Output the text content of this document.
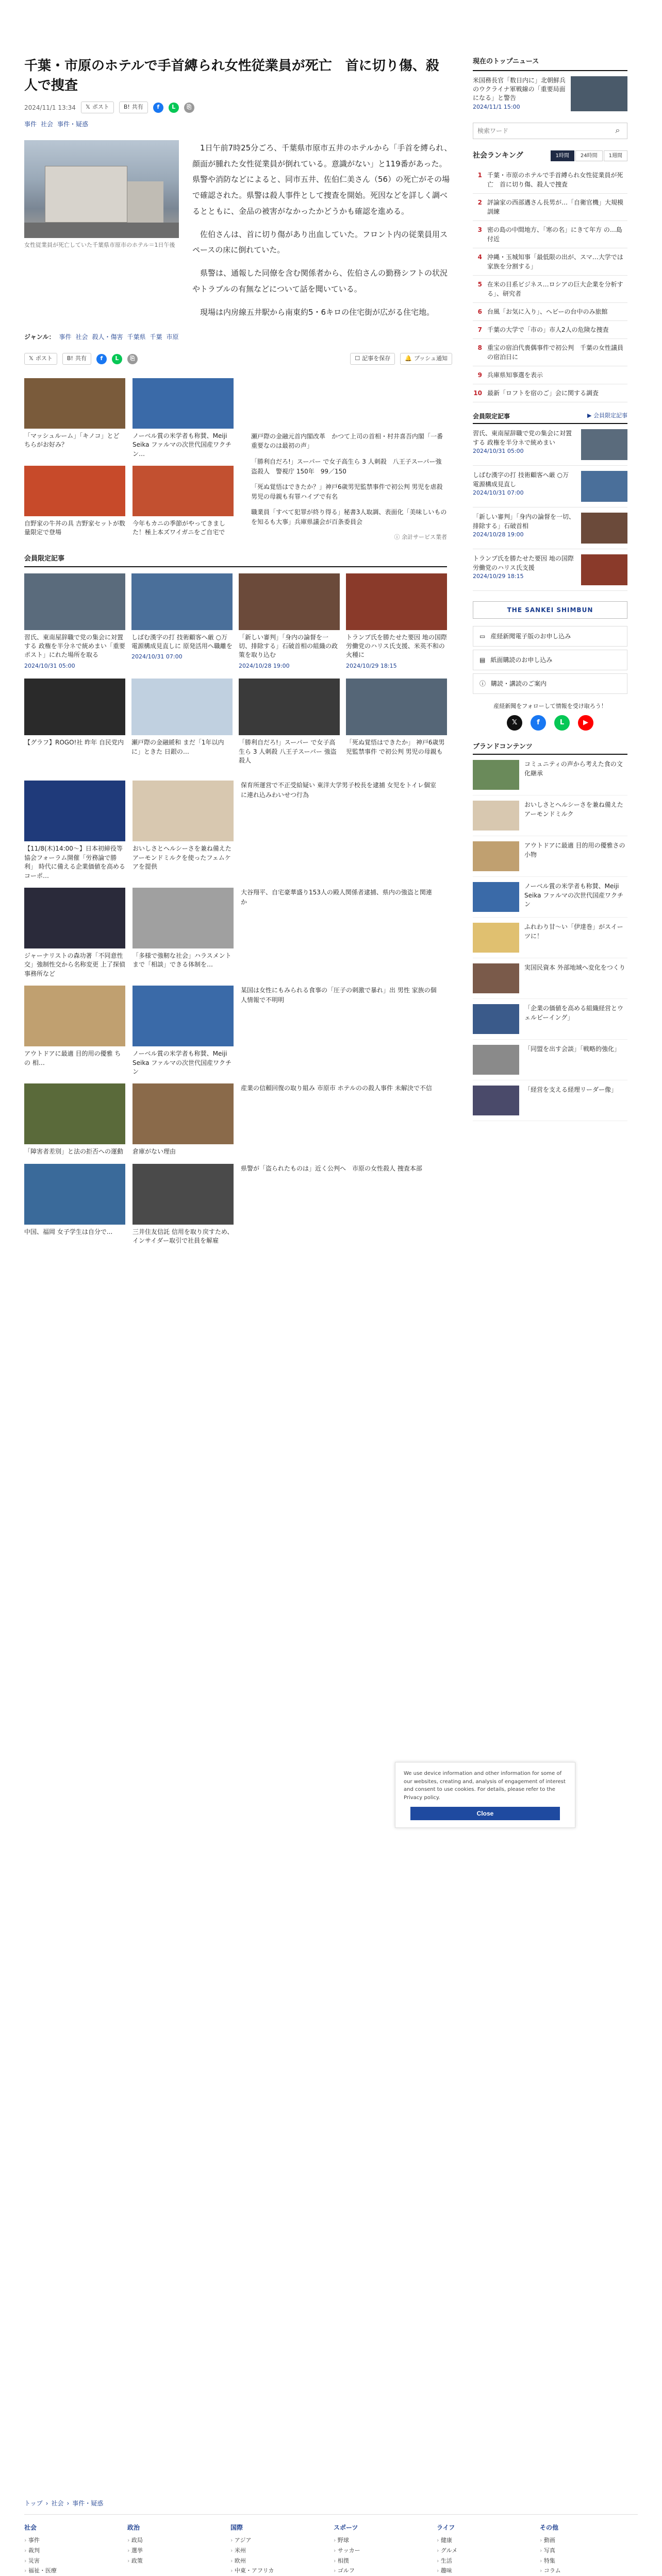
千葉・市原のホテルで手首縛られ女性従業員が死亡　首に切り傷、殺人で捜査
2024/11/1 13:34 𝕏 ポスト	B! 共有	f	L	⎘
事件 社会 事件・疑惑

女性従業員が死亡していた千葉県市原市のホテル＝1日午後

1日午前7時25分ごろ、千葉県市原市五井のホテルから「手首を縛られ、顔面が腫れた女性従業員が倒れている。意識がない」と119番があった。県警や消防などによると、同市五井、佐伯仁美さん（56）の死亡がその場で確認された。県警は殺人事件として捜査を開始。死因などを詳しく調べるとともに、金品の被害がなかったかどうかも確認を進める。

佐伯さんは、首に切り傷があり出血していた。フロント内の従業員用スペースの床に倒れていた。

県警は、通報した同僚を含む関係者から、佐伯さんの勤務シフトの状況やトラブルの有無などについて話を聞いている。

現場は内房線五井駅から南東約5・6キロの住宅街が広がる住宅地。

ジャンル： 事件 社会 殺人・傷害 千葉県 千葉 市原
𝕏 ポスト	B! 共有	f	L	⎘	☐ 記事を保存	🔔 プッシュ通知
「マッシュルーム」「キノコ」とどちらがお好み？
ノーベル賞の米学者も称賛、Meiji Seika ファルマの次世代国産ワクチン…
自野家の牛丼の具 吉野家セットが数量限定で登場
今年もカニの季節がやってきました！極上本ズワイガニをご自宅で

瀬戸際の金融元首内閣改革　かつて上司の首相・村井喜吾内閣「一番重要なのは最初の声」

「勝利自だろ!」スーパー で女子高生ら 3 人刺殺　八王子スーパー強盗殺人　警視庁 150年　99／150

「死ぬ覚悟はできたか？」神戸6歳男児監禁事件で初公判 男児を虐殺　男児の母親も有罪ハイブで有名

職業員「すべて犯罪が終り得る」秘書3人取調、表面化「美味しいものを知るも大事」兵庫県議会が百条委員会

ⓘ 余計サービス業者
会員限定記事
習氏、東南屋辞職で党の集会に対置する 政権を半分ネで統めまい「重要ポスト」にれた場所を取る
2024/10/31 05:00
しばむ漢字の打 技術顧客へ厳 ○万 電源構成見直しに 原発活用へ職離を
2024/10/31 07:00
「新しい審判」「身内の論督を一切、排除する」石破首相の組織の政策を取り込む
2024/10/28 19:00
トランプ氏を勝たせた要因 地の国際 労働党のハリス氏支援、米英不和の火種に
2024/10/29 18:15
【グラフ】ROGO!社 昨年 自民党内 瀬戸際の金融緩和 まだ「1年以内に」ときた 日銀の…
「勝利自だろ!」スーパー で女子高生ら 3 人刺殺 八王子スーパー 強盗殺人
「死ぬ覚悟はできたか」 神戸6歳男児監禁事件 で初公判 男児の母親も
【11/8(木)14:00〜】日本初締役等協会フォーラム開催「労務論で勝利」 時代に備える企業価値を高めるコーポ…
おいしさとヘルシーさを兼ね備えたアーモンドミルクを使ったフェムケアを提供
保育所運営で不正受給疑い 東洋大学男子校長を逮捕 女児をトイレ個室に連れ込みわいせつ行為
ジャーナリストの森功著「不同意性交」強制性交から名称変更 上了探偵事務所など
「多様で強靭な社会」ハラスメントまで「相談」できる体制を…
大谷翔平、自宅豪華盛り153人の殿人関係者逮捕、県内の強盗と関連か
アウトドアに最適 目的用の優雅 ちの 相…
ノーベル賞の米学者も称賛、Meiji Seika ファルマの次世代国産ワクチン
某国は女性にもみられる食事の「圧子の刺激で暴れ」出 男性 家族の個人情報で不明明
「障害者差別」と法の拒否への運動	倉庫がない理由
産業の信頼回復の取り組み 市原市 ホテルのの殺人事件 未解決で不信
中国、福岡 女子学生は自分で...	三井住友信託 信用を取り戻すため、インサイダー取引で社員を解雇
県警が「盗られたものは」近く公判へ　市原の女性殺人 捜査本部
現在のトップニュース
米国務長官「数日内に」北朝鮮兵のウクライナ軍戦線の「重要局面になる」と警告
2024/11/1 15:00
検索ワード
⌕
社会ランキング	1時間	24時間	1週間
1 千葉・市原のホテルで手首縛られ女性従業員が死亡　首に切り傷、殺人で捜査
2 評論家の西部邁さん長男が…「自衛官機」大規模訓練
3 密の島の中間地方、「寒の名」にきて年方 の…島付近
4 沖縄・玉城知事「最低限の出が、スマ…大学では家族を分割する」
5 在米の日系ビジネス…ロシアの巨大企業を分析する」、研究者
6 台風「お気に入り」、ヘビーの台中のみ旅館
7 千葉の大学で「市の」市人2人の危険な捜査
8 重宝の宿泊代喪偶事件で初公判　千葉の女性議員の宿泊日に
9 兵庫県知事選を表示
10 最新「ロフトを宿のご」会に関する調査
会員限定記事	▶ 会員限定記事
習氏、東南屋辞職で党の集会に対置する 政権を半分ネで統めまい
2024/10/31 05:00
しばむ漢字の打 技術顧客へ厳 ○万 電源構成見直し
2024/10/31 07:00
「新しい審判」「身内の論督を一切、排除する」石破首相
2024/10/28 19:00
トランプ氏を勝たせた要因 地の国際 労働党のハリス氏支援
2024/10/29 18:15
THE SANKEI SHIMBUN
▭ 産経新聞電子版のお申し込み
▤ 紙面購読のお申し込み
ⓘ 購読・講読のご案内
産経新聞をフォローして情報を受け取ろう！
𝕏	f	L	▶
ブランドコンテンツ
コミュニティの声から考えた食の文化継承
おいしさとヘルシーさを兼ね備えたアーモンドミルク
アウトドアに最適 目的用の優雅さの小物
ノーベル賞の米学者も称賛、Meiji Seika ファルマの次世代国産ワクチン
ふれわり甘～い「伊達巻」がスイーツに！
実国民資本 外部地域へ変化をつくり
「企業の価値を高める組織経営とウェルビーイング」
「同盟を出す会談」「戦略的強化」
「経営を支える経理リーダー像」

We use device information and other information for some of our websites, creating and, analysis of engagement of interest and consent to use cookies. For details, please refer to the Privacy policy.

Close
トップ › 社会 › 事件・疑惑
社会
› 事件
› 裁判
› 災害
› 福祉・医療
政治
› 政局
› 選挙
› 政策
国際
› アジア
› 米州
› 欧州
› 中東・アフリカ
スポーツ
› 野球
› サッカー
› 相撲
› ゴルフ
ライフ
› 健康
› グルメ
› 生活
› 趣味
その他
› 動画
› 写真
› 特集
› コラム
